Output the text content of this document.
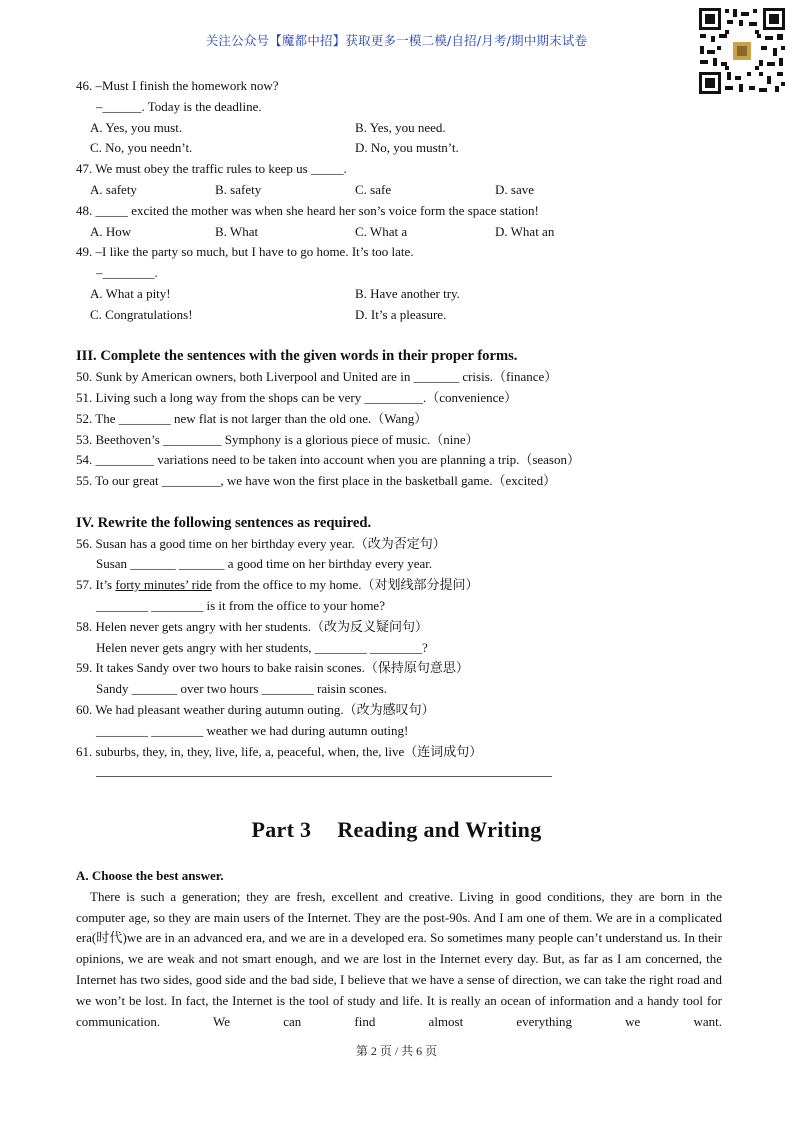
关注公众号【魔都中招】获取更多一模二模/自招/月考/期中期末试卷
46. –Must I finish the homework now?
–______. Today is the deadline.
A. Yes, you must.	B. Yes, you need.
C. No, you needn’t.	D. No, you mustn’t.
47. We must obey the traffic rules to keep us _____.
A. safety	B. safety	C. safe	D. save
48. _____ excited the mother was when she heard her son’s voice form the space station!
A. How	B. What	C. What a	D. What an
49. –I like the party so much, but I have to go home. It’s too late.
–________.
A. What a pity!	B. Have another try.
C. Congratulations!	D. It’s a pleasure.
III. Complete the sentences with the given words in their proper forms.
50. Sunk by American owners, both Liverpool and United are in _______ crisis.（finance）
51. Living such a long way from the shops can be very _________.（convenience）
52. The ________ new flat is not larger than the old one.（Wang）
53. Beethoven’s _________ Symphony is a glorious piece of music.（nine）
54. _________ variations need to be taken into account when you are planning a trip.（season）
55. To our great _________, we have won the first place in the basketball game.（excited）
IV. Rewrite the following sentences as required.
56. Susan has a good time on her birthday every year.（改为否定句）
Susan _______ _______ a good time on her birthday every year.
57. It’s forty minutes’ ride from the office to my home.（对划线部分提问）
________ ________ is it from the office to your home?
58. Helen never gets angry with her students.（改为反义疑问句）
Helen never gets angry with her students, ________ ________?
59. It takes Sandy over two hours to bake raisin scones.（保持原句意思）
Sandy _______ over two hours ________ raisin scones.
60. We had pleasant weather during autumn outing.（改为感叹句）
________ ________ weather we had during autumn outing!
61. suburbs, they, in, they, live, life, a, peaceful, when, the, live（连词成句）
Part 3 Reading and Writing
A. Choose the best answer.

There is such a generation; they are fresh, excellent and creative. Living in good conditions, they are born in the computer age, so they are main users of the Internet. They are the post-90s. And I am one of them. We are in a complicated era(时代)we are in an advanced era, and we are in a developed era. So sometimes many people can’t understand us. In their opinions, we are weak and not smart enough, and we are lost in the Internet every day. But, as far as I am concerned, the Internet has two sides, good side and the bad side, I believe that we have a sense of direction, we can take the right road and we won’t be lost. In fact, the Internet is the tool of study and life. It is really an ocean of information and a handy tool for communication. We can find almost everything we want.

第 2 页 / 共 6 页
